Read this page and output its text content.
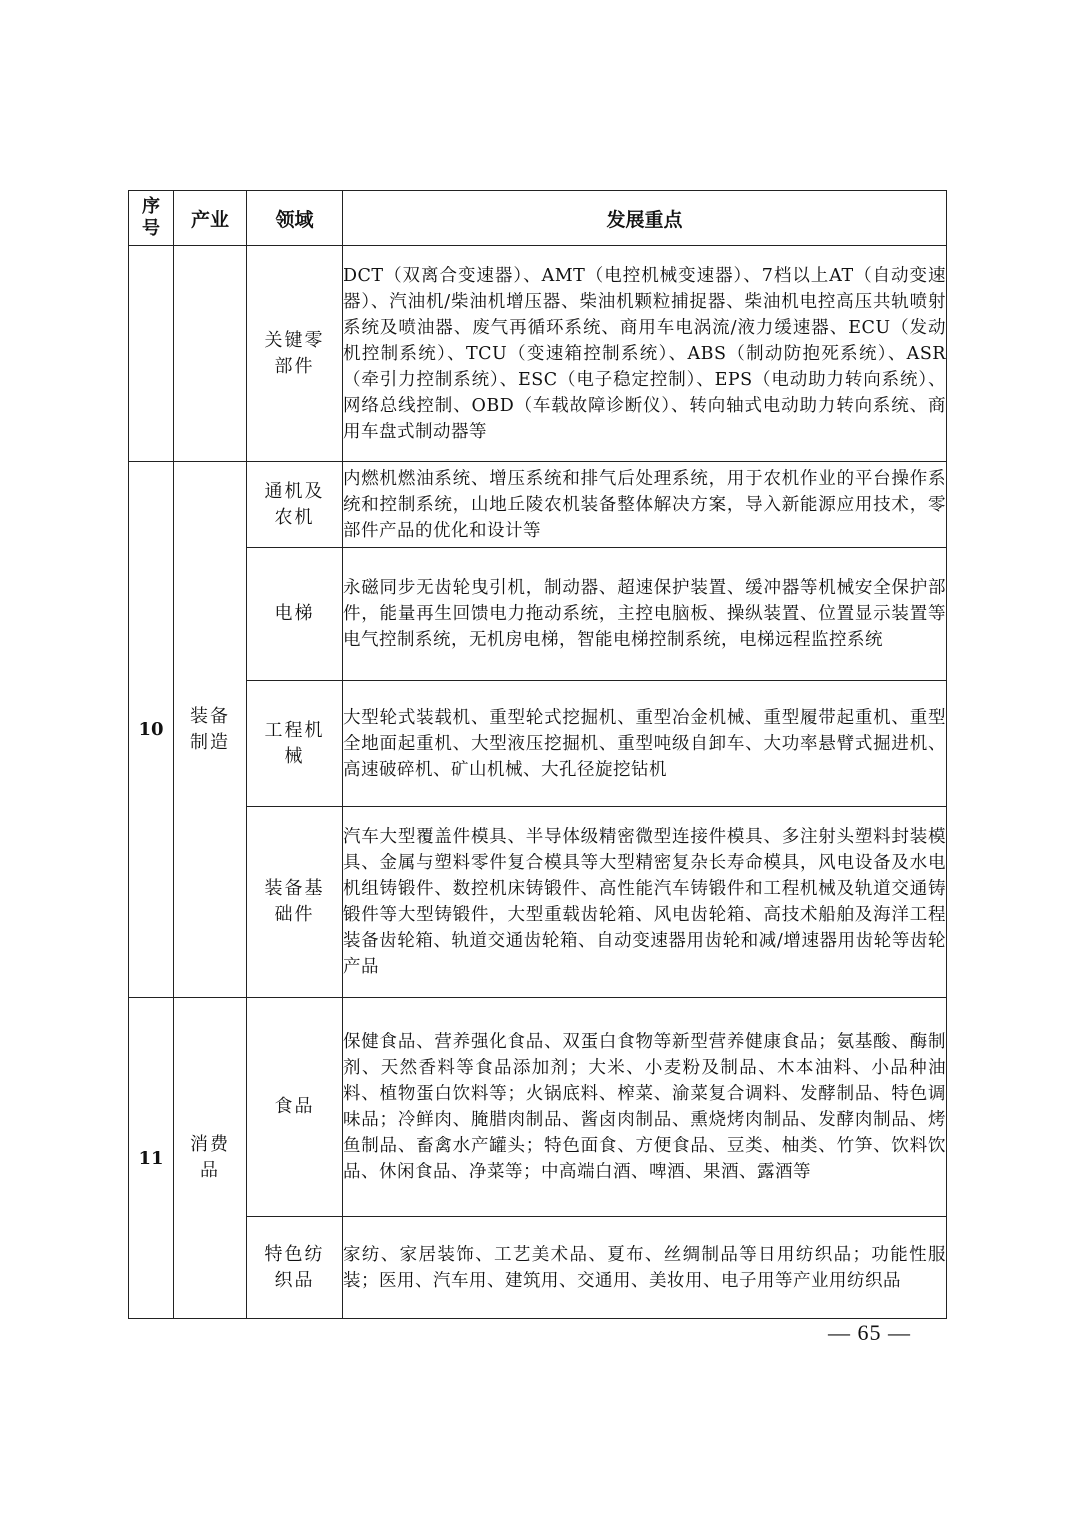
序号	产业	领域	发展重点
		关键零部件	DCT（双离合变速器）、AMT（电控机械变速器）、7档以上AT（自动变速器）、汽油机/柴油机增压器、柴油机颗粒捕捉器、柴油机电控高压共轨喷射系统及喷油器、废气再循环系统、商用车电涡流/液力缓速器、ECU（发动机控制系统）、TCU（变速箱控制系统）、ABS（制动防抱死系统）、ASR（牵引力控制系统）、ESC（电子稳定控制）、EPS（电动助力转向系统）、网络总线控制、OBD（车载故障诊断仪）、转向轴式电动助力转向系统、商用车盘式制动器等
10	装备制造	通机及农机	内燃机燃油系统、增压系统和排气后处理系统，用于农机作业的平台操作系统和控制系统，山地丘陵农机装备整体解决方案，导入新能源应用技术，零部件产品的优化和设计等
		电梯	永磁同步无齿轮曳引机，制动器、超速保护装置、缓冲器等机械安全保护部件，能量再生回馈电力拖动系统，主控电脑板、操纵装置、位置显示装置等电气控制系统，无机房电梯，智能电梯控制系统，电梯远程监控系统
		工程机械	大型轮式装载机、重型轮式挖掘机、重型冶金机械、重型履带起重机、重型全地面起重机、大型液压挖掘机、重型吨级自卸车、大功率悬臂式掘进机、高速破碎机、矿山机械、大孔径旋挖钻机
		装备基础件	汽车大型覆盖件模具、半导体级精密微型连接件模具、多注射头塑料封装模具、金属与塑料零件复合模具等大型精密复杂长寿命模具，风电设备及水电机组铸锻件、数控机床铸锻件、高性能汽车铸锻件和工程机械及轨道交通铸锻件等大型铸锻件，大型重载齿轮箱、风电齿轮箱、高技术船舶及海洋工程装备齿轮箱、轨道交通齿轮箱、自动变速器用齿轮和减/增速器用齿轮等齿轮产品
11	消费品	食品	保健食品、营养强化食品、双蛋白食物等新型营养健康食品；氨基酸、酶制剂、天然香料等食品添加剂；大米、小麦粉及制品、木本油料、小品种油料、植物蛋白饮料等；火锅底料、榨菜、渝菜复合调料、发酵制品、特色调味品；冷鲜肉、腌腊肉制品、酱卤肉制品、熏烧烤肉制品、发酵肉制品、烤鱼制品、畜禽水产罐头；特色面食、方便食品、豆类、柚类、竹笋、饮料饮品、休闲食品、净菜等；中高端白酒、啤酒、果酒、露酒等
		特色纺织品	家纺、家居装饰、工艺美术品、夏布、丝绸制品等日用纺织品；功能性服装；医用、汽车用、建筑用、交通用、美妆用、电子用等产业用纺织品
— 65 —
